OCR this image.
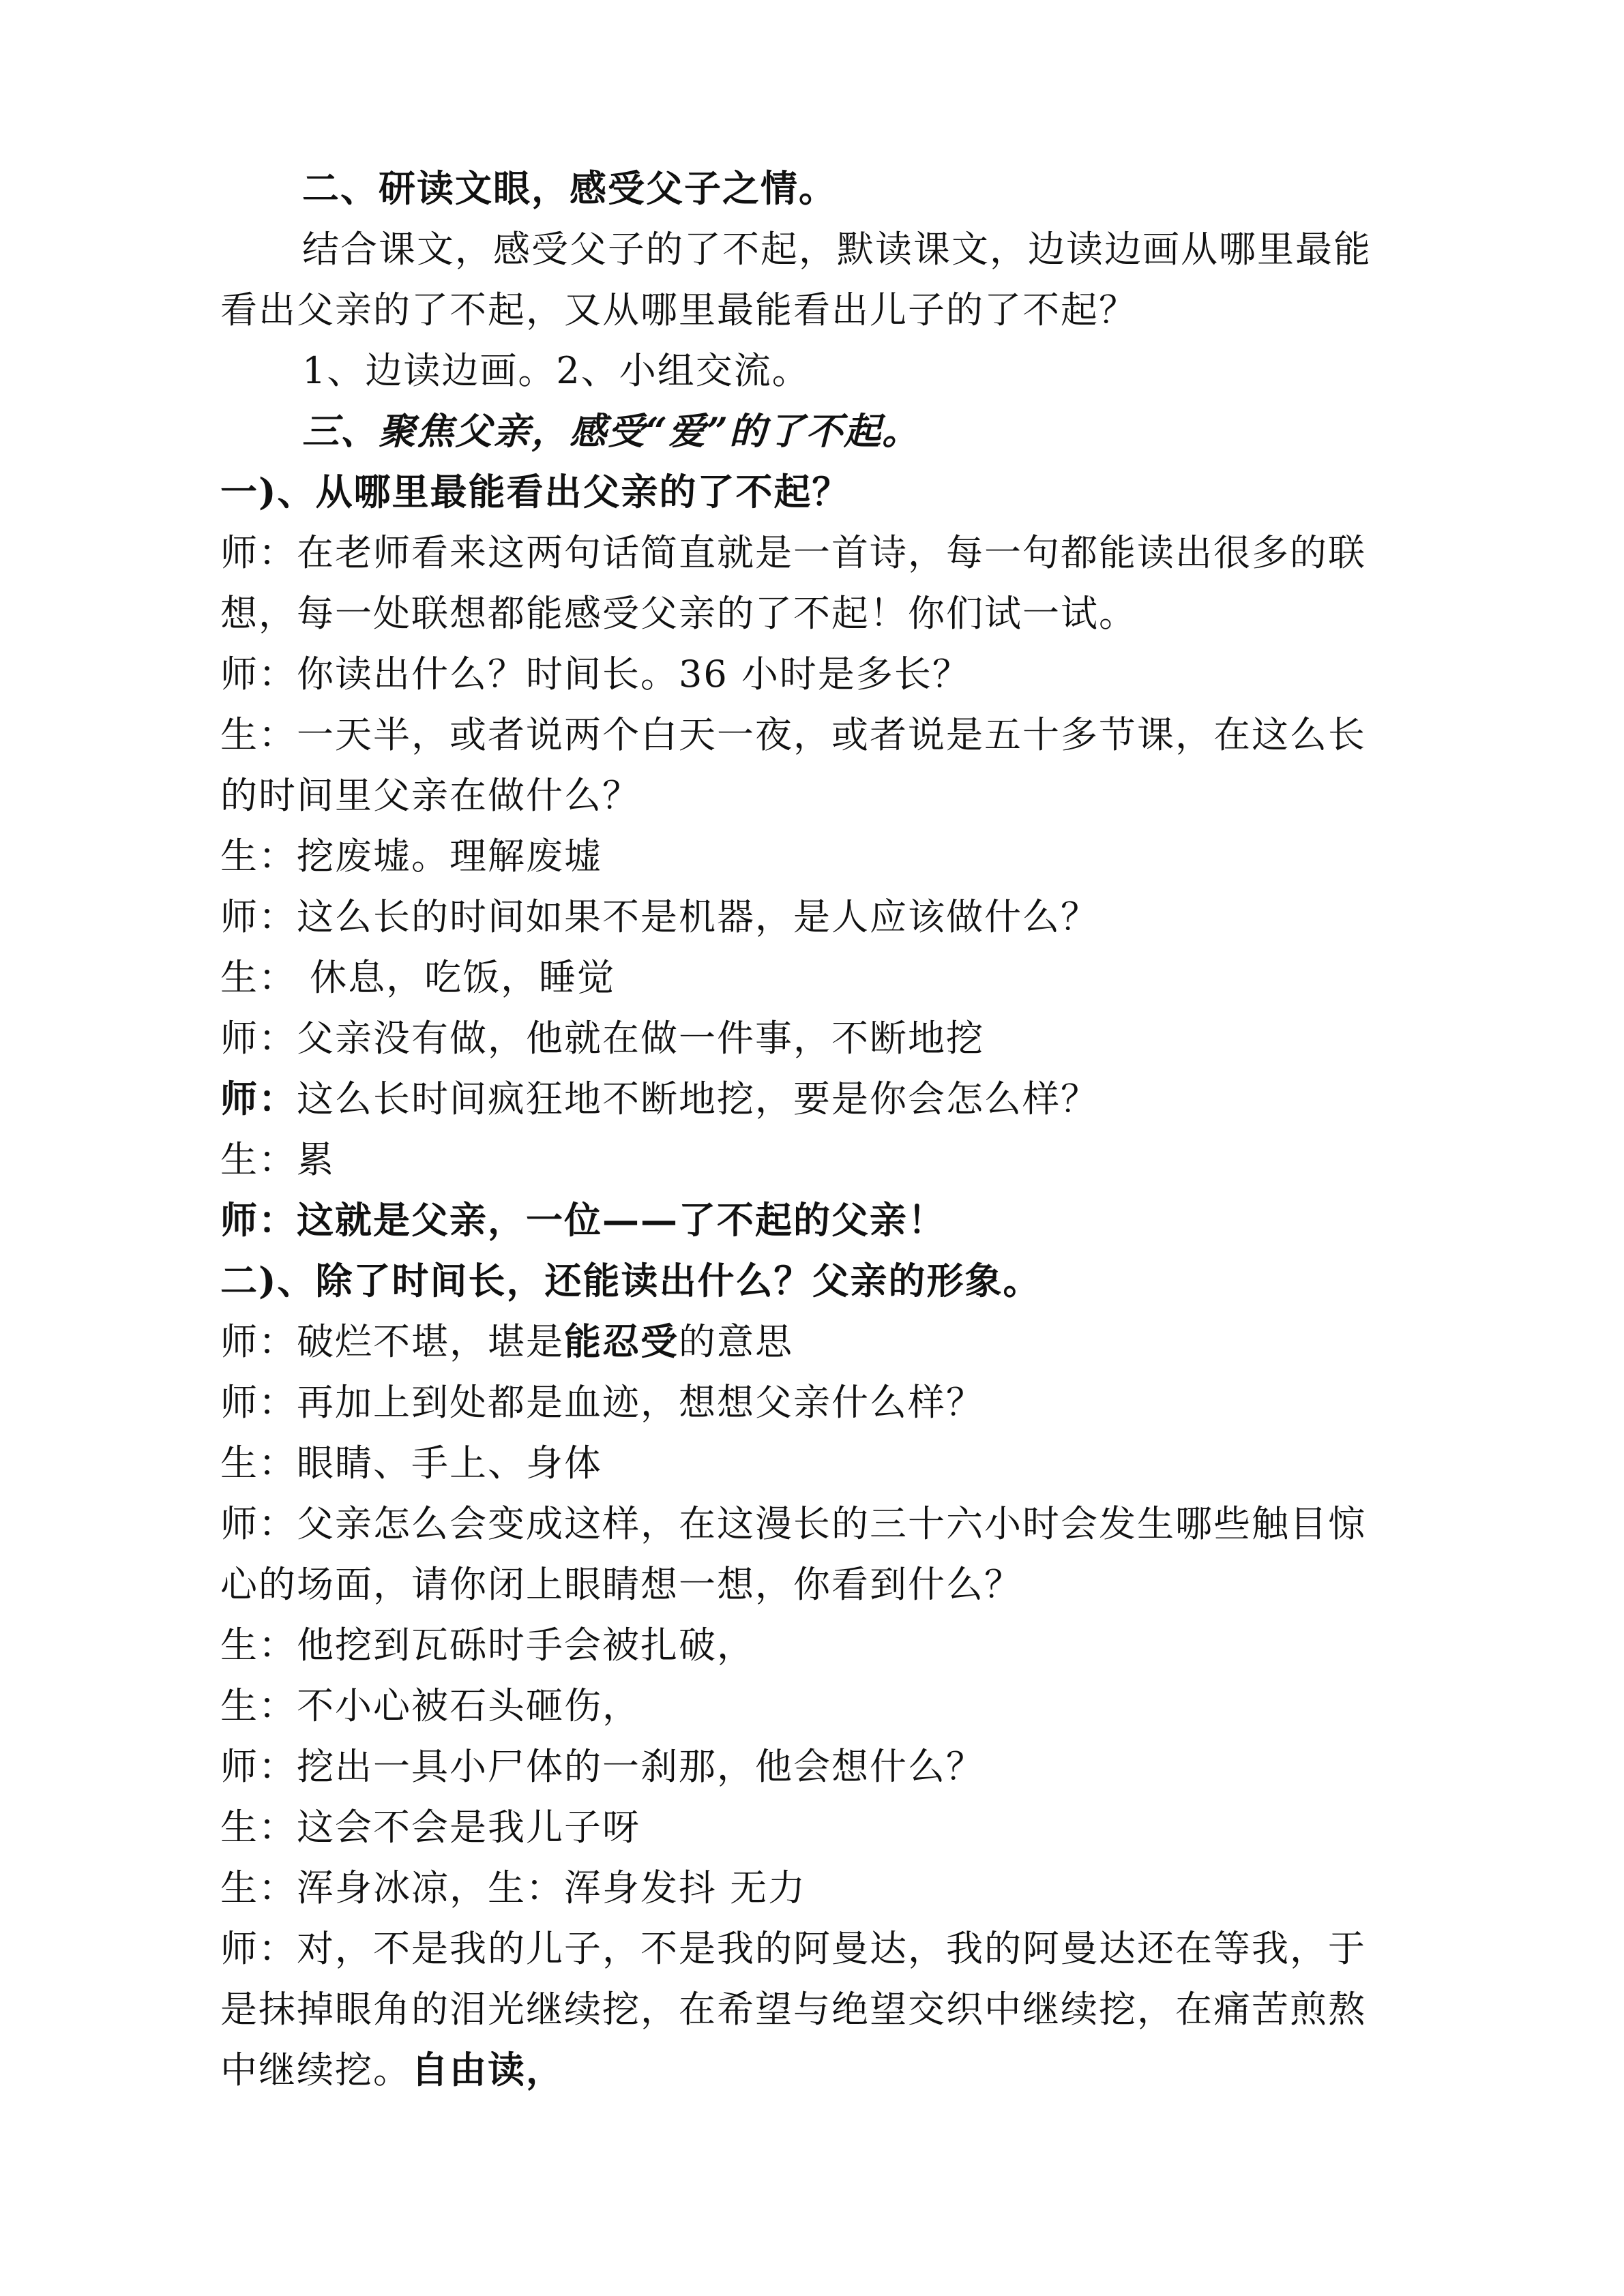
二、研读文眼，感受父子之情。
结合课文，感受父子的了不起，默读课文，边读边画从哪里最能
看出父亲的了不起，又从哪里最能看出儿子的了不起？
1、边读边画。2、小组交流。
三、聚焦父亲，感受“爱”的了不起。
一)、从哪里最能看出父亲的了不起？
师：在老师看来这两句话简直就是一首诗，每一句都能读出很多的联
想，每一处联想都能感受父亲的了不起！你们试一试。
师：你读出什么？时间长。36 小时是多长？
生：一天半，或者说两个白天一夜，或者说是五十多节课，在这么长
的时间里父亲在做什么？
生：挖废墟。理解废墟
师：这么长的时间如果不是机器，是人应该做什么？
生： 休息，吃饭，睡觉
师：父亲没有做，他就在做一件事，不断地挖
师：这么长时间疯狂地不断地挖，要是你会怎么样？
生：累
师：这就是父亲，一位——了不起的父亲！
二)、除了时间长，还能读出什么？父亲的形象。
师：破烂不堪，堪是能忍受的意思
师：再加上到处都是血迹，想想父亲什么样？
生：眼睛、手上、身体
师：父亲怎么会变成这样，在这漫长的三十六小时会发生哪些触目惊
心的场面，请你闭上眼睛想一想，你看到什么？
生：他挖到瓦砾时手会被扎破，
生：不小心被石头砸伤，
师：挖出一具小尸体的一刹那，他会想什么？
生：这会不会是我儿子呀
生：浑身冰凉，生：浑身发抖 无力
师：对，不是我的儿子，不是我的阿曼达，我的阿曼达还在等我，于
是抹掉眼角的泪光继续挖，在希望与绝望交织中继续挖，在痛苦煎熬
中继续挖。自由读，
